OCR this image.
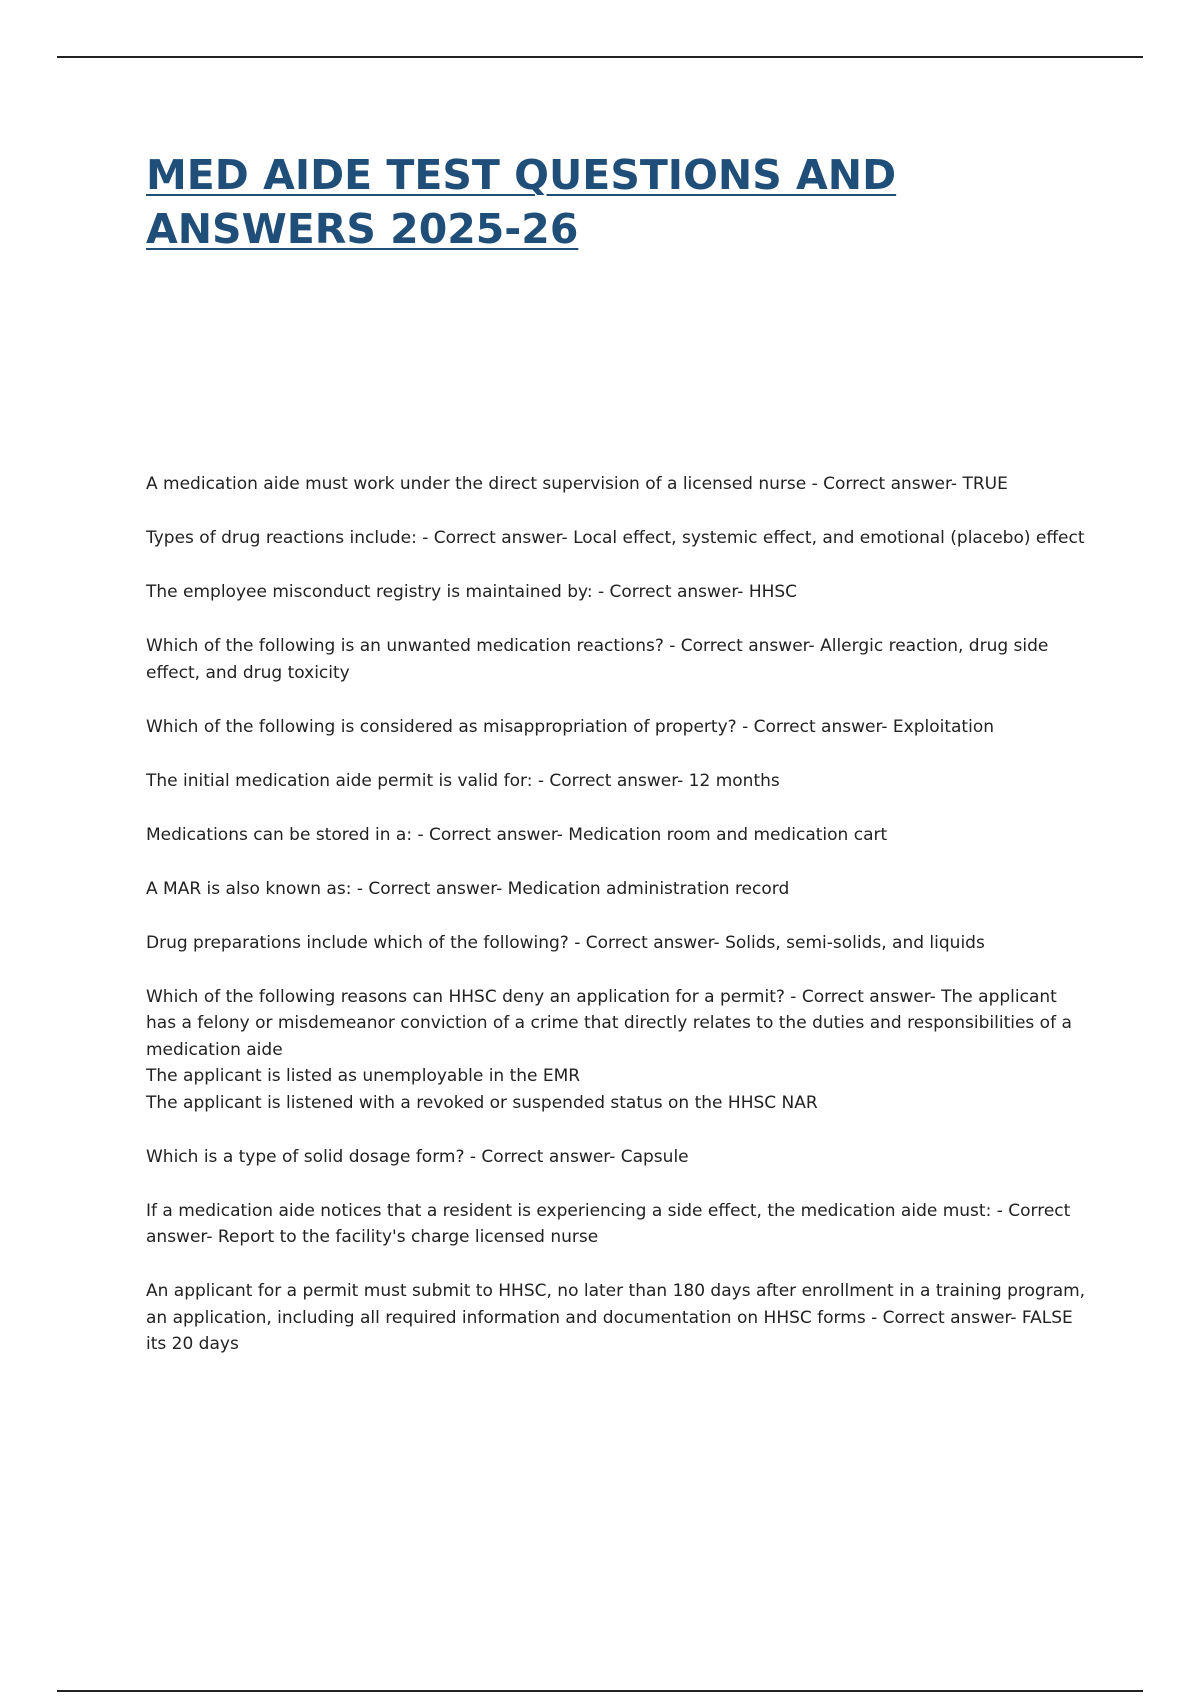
MED AIDE TEST QUESTIONS AND ANSWERS 2025-26
A medication aide must work under the direct supervision of a licensed nurse - Correct answer- TRUE
Types of drug reactions include: - Correct answer- Local effect, systemic effect, and emotional (placebo) effect
The employee misconduct registry is maintained by: - Correct answer- HHSC
Which of the following is an unwanted medication reactions? - Correct answer- Allergic reaction, drug side effect, and drug toxicity
Which of the following is considered as misappropriation of property? - Correct answer- Exploitation
The initial medication aide permit is valid for: - Correct answer- 12 months
Medications can be stored in a: - Correct answer- Medication room and medication cart
A MAR is also known as: - Correct answer- Medication administration record
Drug preparations include which of the following? - Correct answer- Solids, semi-solids, and liquids
Which of the following reasons can HHSC deny an application for a permit? - Correct answer- The applicant has a felony or misdemeanor conviction of a crime that directly relates to the duties and responsibilities of a medication aide
The applicant is listed as unemployable in the EMR
The applicant is listened with a revoked or suspended status on the HHSC NAR
Which is a type of solid dosage form? - Correct answer- Capsule
If a medication aide notices that a resident is experiencing a side effect, the medication aide must: - Correct answer- Report to the facility's charge licensed nurse
An applicant for a permit must submit to HHSC, no later than 180 days after enrollment in a training program, an application, including all required information and documentation on HHSC forms - Correct answer- FALSE its 20 days
